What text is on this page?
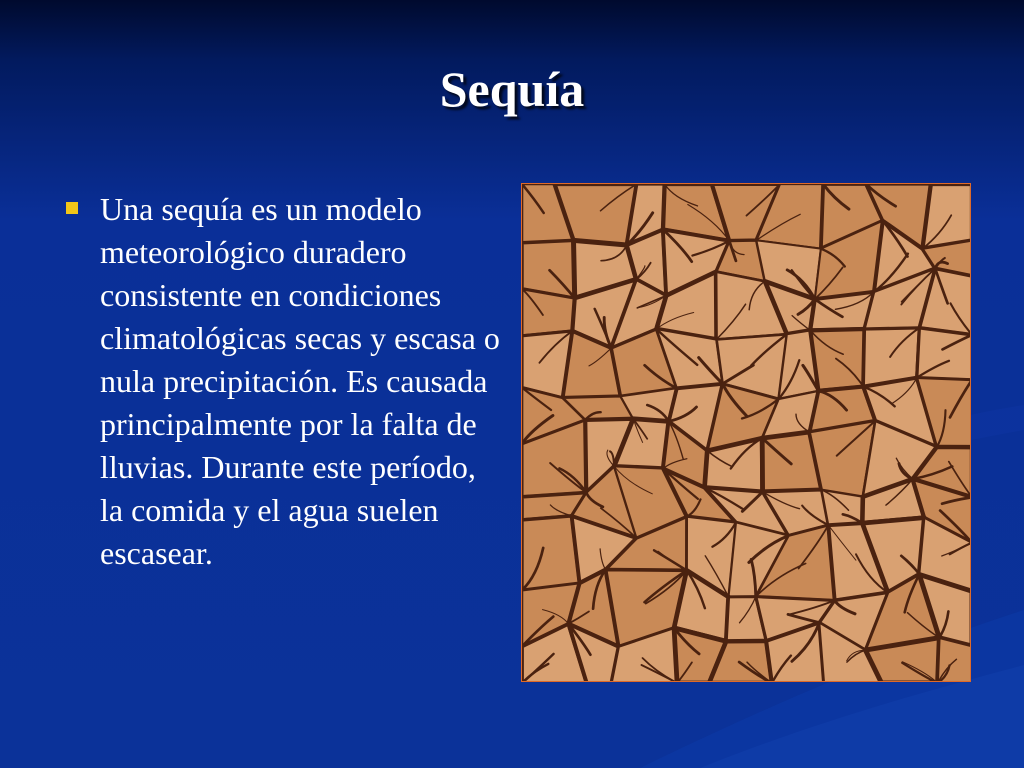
Sequía
Una sequía es un modelo meteorológico duradero consistente en condiciones climatológicas secas y escasa o nula precipitación. Es causada principalmente por la falta de lluvias. Durante este período, la comida y el agua suelen escasear.
